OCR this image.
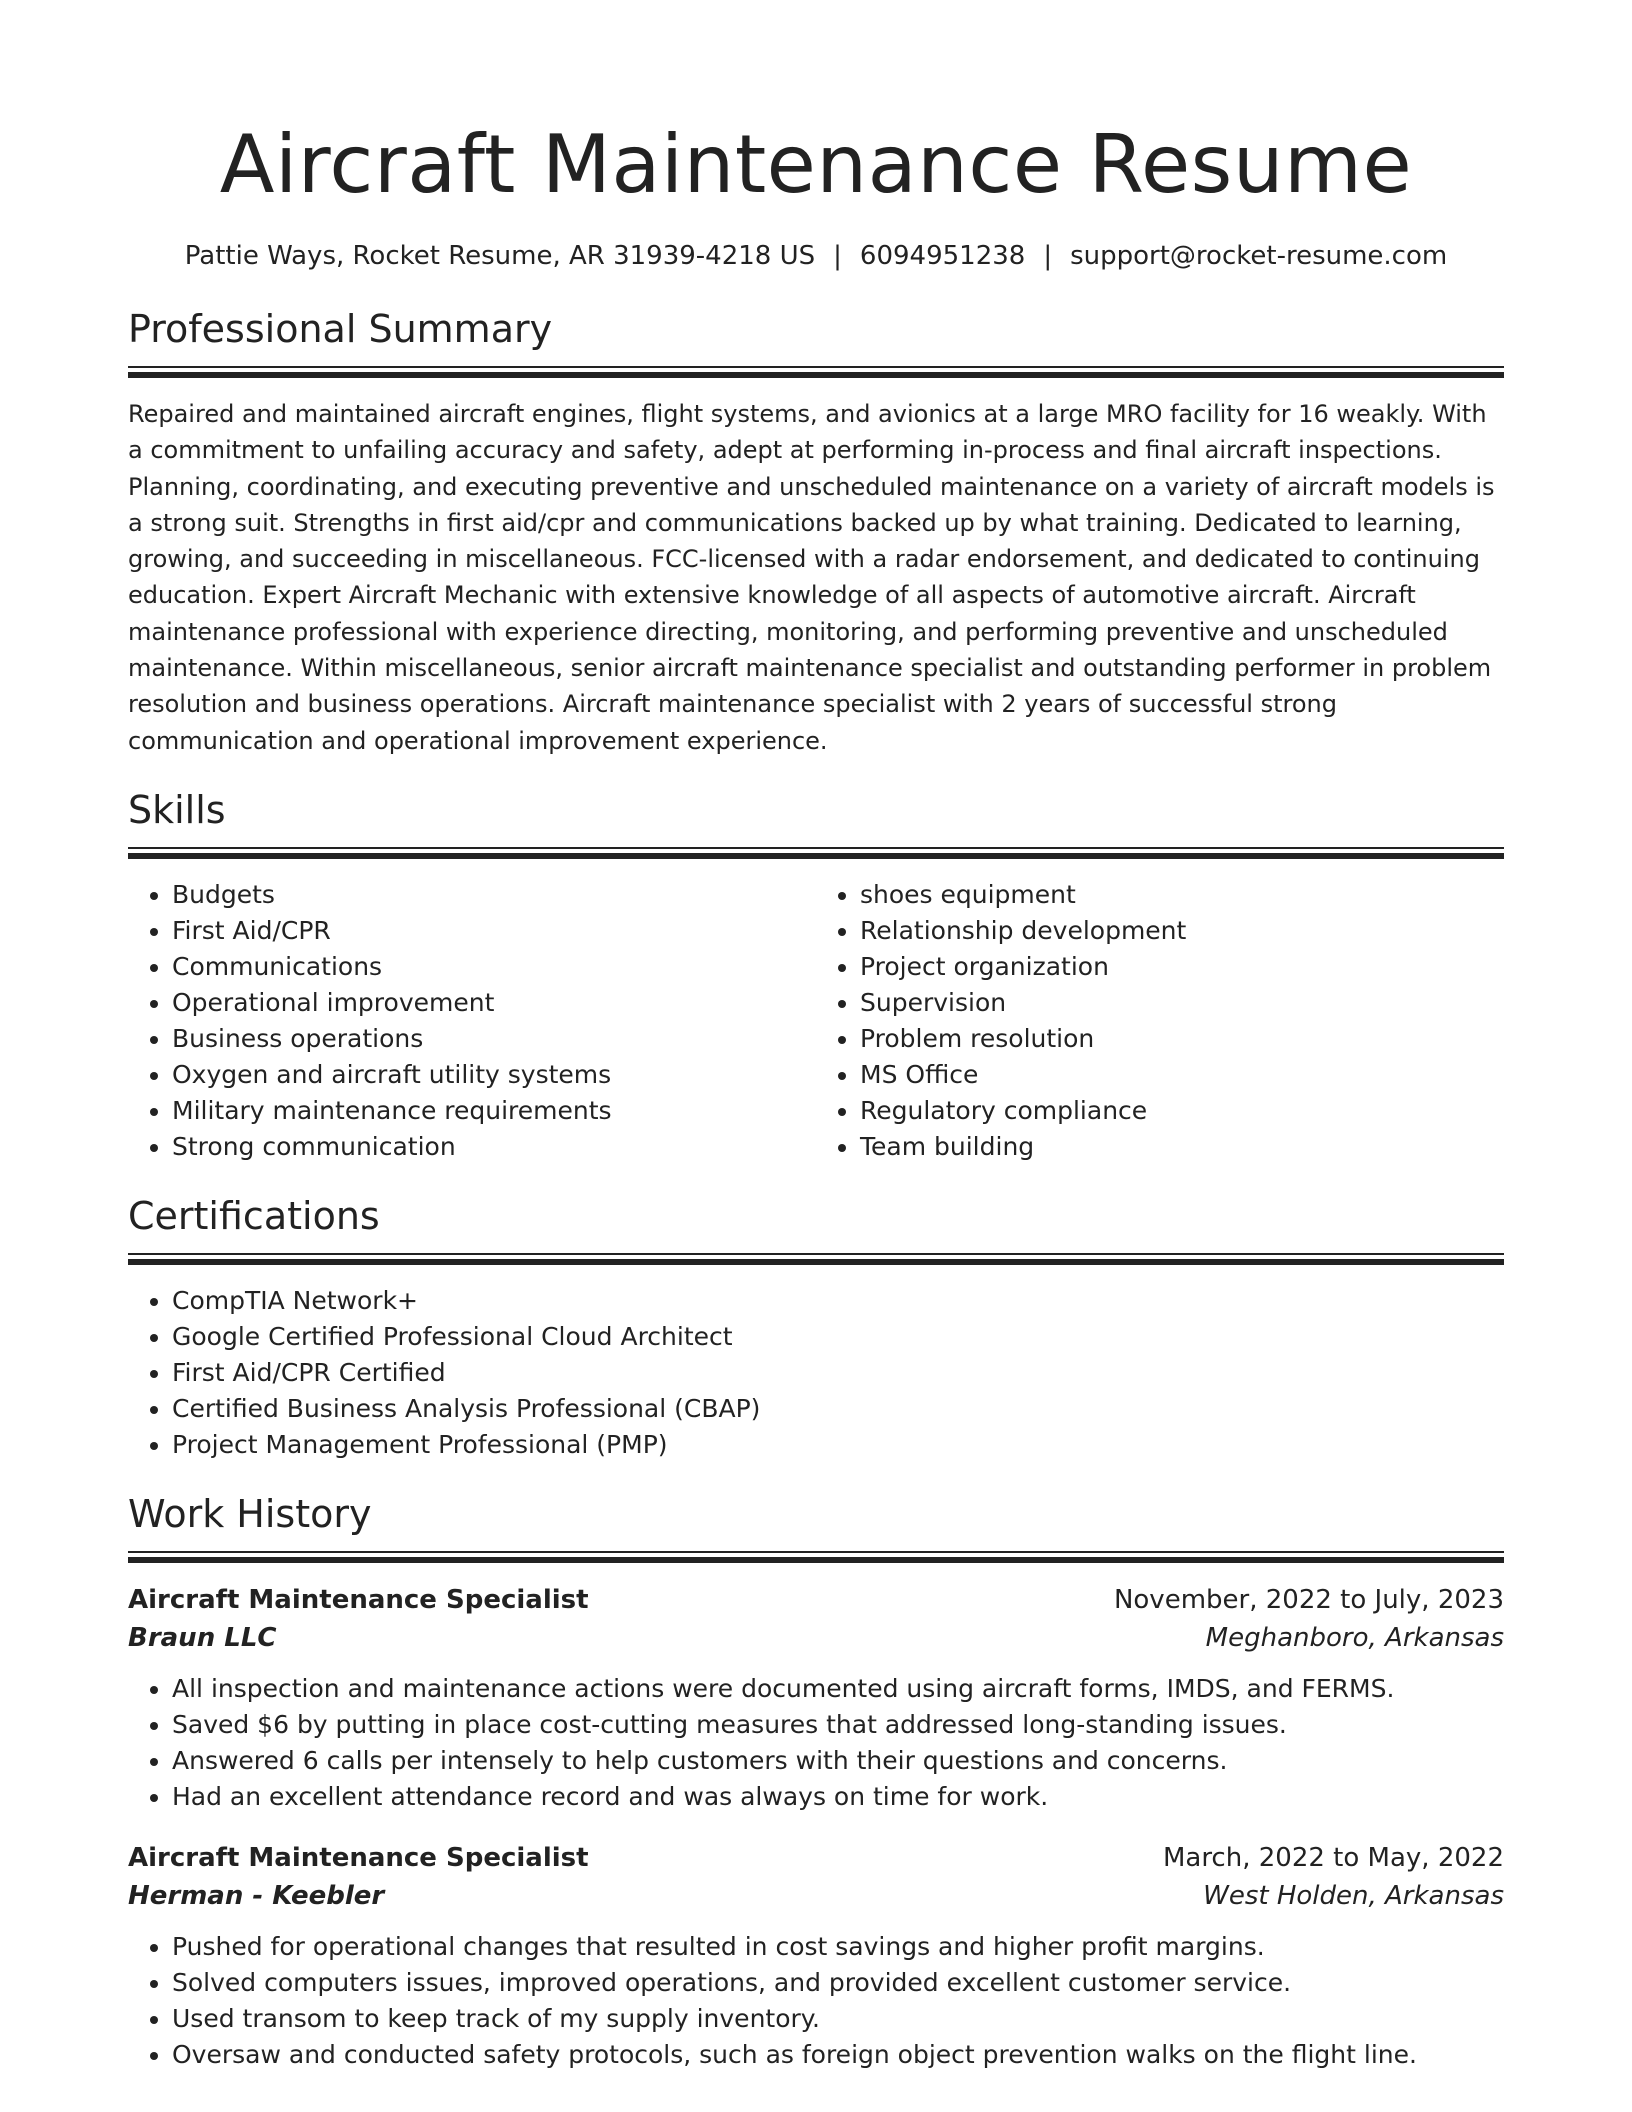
Aircraft Maintenance Resume
Pattie Ways, Rocket Resume, AR 31939-4218 US | 6094951238 | support@rocket-resume.com
Professional Summary

Repaired and maintained aircraft engines, flight systems, and avionics at a large MRO facility for 16 weakly. With a commitment to unfailing accuracy and safety, adept at performing in-process and final aircraft inspections. Planning, coordinating, and executing preventive and unscheduled maintenance on a variety of aircraft models is a strong suit. Strengths in first aid/cpr and communications backed up by what training. Dedicated to learning, growing, and succeeding in miscellaneous. FCC-licensed with a radar endorsement, and dedicated to continuing education. Expert Aircraft Mechanic with extensive knowledge of all aspects of automotive aircraft. Aircraft maintenance professional with experience directing, monitoring, and performing preventive and unscheduled maintenance. Within miscellaneous, senior aircraft maintenance specialist and outstanding performer in problem resolution and business operations. Aircraft maintenance specialist with 2 years of successful strong communication and operational improvement experience.

Skills
• Budgets
• First Aid/CPR
• Communications
• Operational improvement
• Business operations
• Oxygen and aircraft utility systems
• Military maintenance requirements
• Strong communication
• shoes equipment
• Relationship development
• Project organization
• Supervision
• Problem resolution
• MS Office
• Regulatory compliance
• Team building
Certifications
• CompTIA Network+
• Google Certified Professional Cloud Architect
• First Aid/CPR Certified
• Certified Business Analysis Professional (CBAP)
• Project Management Professional (PMP)
Work History
Aircraft Maintenance Specialist	November, 2022 to July, 2023
Braun LLC	Meghanboro, Arkansas
• All inspection and maintenance actions were documented using aircraft forms, IMDS, and FERMS.
• Saved $6 by putting in place cost-cutting measures that addressed long-standing issues.
• Answered 6 calls per intensely to help customers with their questions and concerns.
• Had an excellent attendance record and was always on time for work.
Aircraft Maintenance Specialist	March, 2022 to May, 2022
Herman - Keebler	West Holden, Arkansas
• Pushed for operational changes that resulted in cost savings and higher profit margins.
• Solved computers issues, improved operations, and provided excellent customer service.
• Used transom to keep track of my supply inventory.
• Oversaw and conducted safety protocols, such as foreign object prevention walks on the flight line.
